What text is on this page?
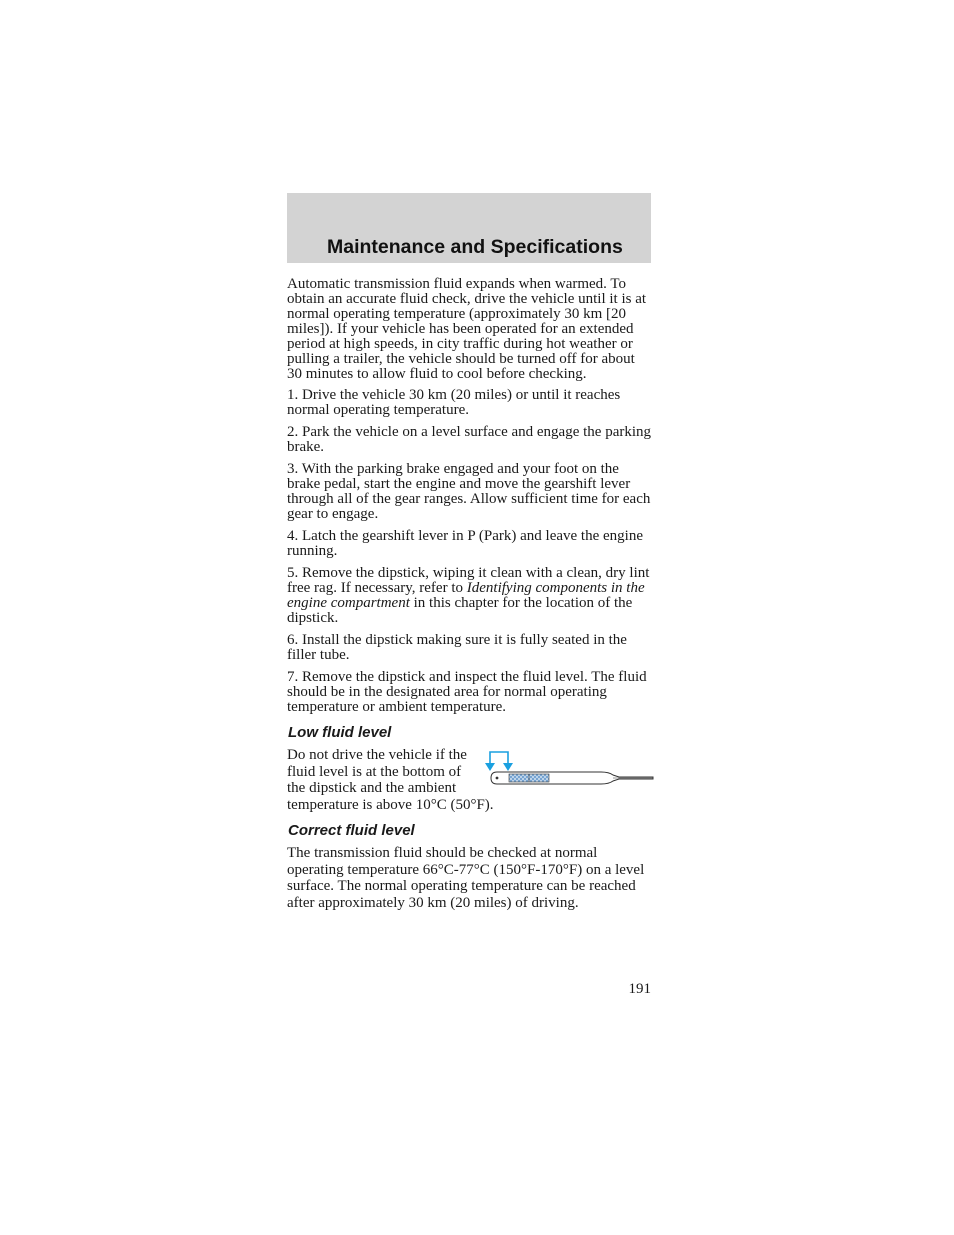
Maintenance and Specifications

Automatic transmission fluid expands when warmed. To obtain an accurate fluid check, drive the vehicle until it is at normal operating temperature (approximately 30 km [20 miles]). If your vehicle has been operated for an extended period at high speeds, in city traffic during hot weather or pulling a trailer, the vehicle should be turned off for about 30 minutes to allow fluid to cool before checking.

1. Drive the vehicle 30 km (20 miles) or until it reaches normal operating temperature.

2. Park the vehicle on a level surface and engage the parking brake.

3. With the parking brake engaged and your foot on the brake pedal, start the engine and move the gearshift lever through all of the gear ranges. Allow sufficient time for each gear to engage.

4. Latch the gearshift lever in P (Park) and leave the engine running.

5. Remove the dipstick, wiping it clean with a clean, dry lint free rag. If necessary, refer to Identifying components in the engine compartment in this chapter for the location of the dipstick.

6. Install the dipstick making sure it is fully seated in the filler tube.

7. Remove the dipstick and inspect the fluid level. The fluid should be in the designated area for normal operating temperature or ambient temperature.

Low fluid level

Do not drive the vehicle if the fluid level is at the bottom of the dipstick and the ambient temperature is above 10°C (50°F).

Correct fluid level

The transmission fluid should be checked at normal operating temperature 66°C-77°C (150°F-170°F) on a level surface. The normal operating temperature can be reached after approximately 30 km (20 miles) of driving.

191
